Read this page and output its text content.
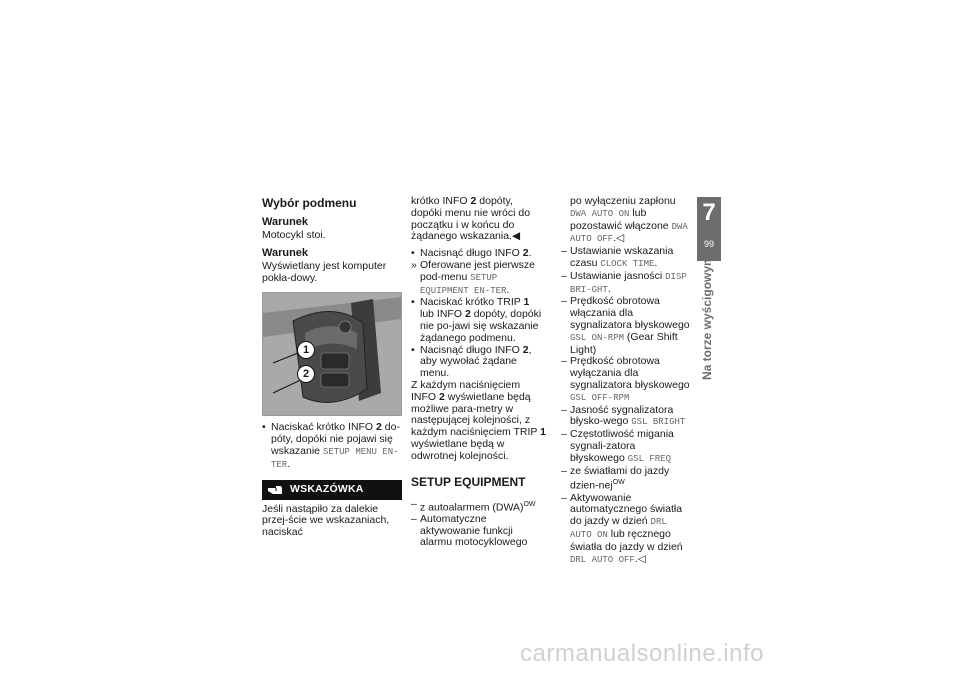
Wybór podmenu
Warunek

Motocykl stoi.

Warunek

Wyświetlany jest komputer pokła-dowy.

1
2
• Naciskać krótko INFO 2 do-póty, dopóki nie pojawi się wskazanie SETUP MENU EN-TER.
WSKAZÓWKA

Jeśli nastąpiło za dalekie przej-ście we wskazaniach, naciskać

krótko INFO 2 dopóty, dopóki menu nie wróci do początku i w końcu do żądanego wskazania.◀

• Nacisnąć długo INFO 2.
» Oferowane jest pierwsze pod-menu SETUP EQUIPMENT EN-TER.
• Naciskać krótko TRIP 1 lub INFO 2 dopóty, dopóki nie po-jawi się wskazanie żądanego podmenu.
• Nacisnąć długo INFO 2, aby wywołać żądane menu.

Z każdym naciśnięciem INFO 2 wyświetlane będą możliwe para-metry w następującej kolejności, z każdym naciśnięciem TRIP 1 wyświetlane będą w odwrotnej kolejności.

SETUP EQUIPMENT
– z autoalarmem (DWA)$^{OW}$
– Automatyczne aktywowanie funkcji alarmu motocyklowego
po wyłączeniu zapłonu DWA AUTO ON lub pozostawić włączone DWA AUTO OFF.◁
– Ustawianie wskazania czasu CLOCK TIME.
– Ustawianie jasności DISP BRI-GHT.
– Prędkość obrotowa włączania dla sygnalizatora błyskowego GSL ON-RPM (Gear Shift Light)
– Prędkość obrotowa wyłączania dla sygnalizatora błyskowego GSL OFF-RPM
– Jasność sygnalizatora błysko-wego GSL BRIGHT
– Częstotliwość migania sygnali-zatora błyskowego GSL FREQ
– ze światłami do jazdy dzien-nej$^{OW}$
– Aktywowanie automatycznego światła do jazdy w dzień DRL AUTO ON lub ręcznego światła do jazdy w dzień DRL AUTO OFF.◁
7
99
Na torze wyścigowym
carmanualsonline.info
